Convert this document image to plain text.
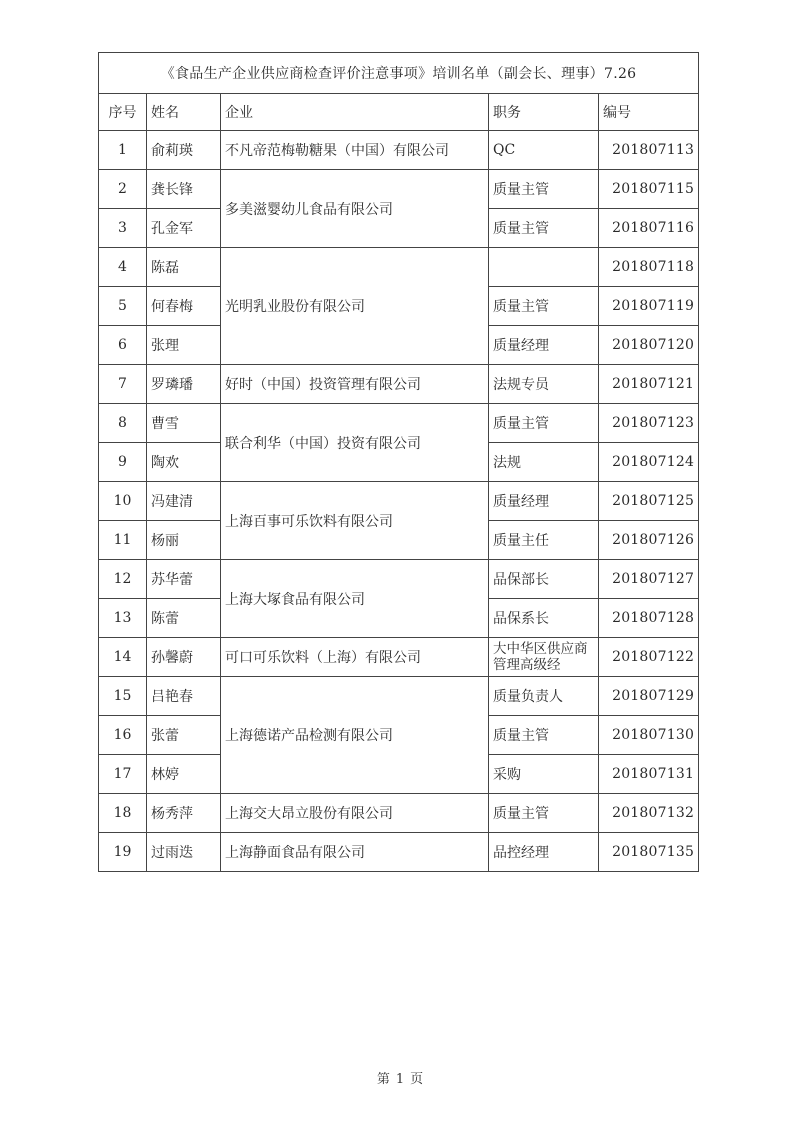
《食品生产企业供应商检查评价注意事项》培训名单（副会长、理事）7.26				
序号	姓名	企业	职务	编号
1	俞莉瑛	不凡帝范梅勒糖果（中国）有限公司	QC	201807113
2	龚长锋	多美滋婴幼儿食品有限公司	质量主管	201807115
3	孔金军		质量主管	201807116
4	陈磊	光明乳业股份有限公司		201807118
5	何春梅		质量主管	201807119
6	张理		质量经理	201807120
7	罗璘璠	好时（中国）投资管理有限公司	法规专员	201807121
8	曹雪	联合利华（中国）投资有限公司	质量主管	201807123
9	陶欢		法规	201807124
10	冯建清	上海百事可乐饮料有限公司	质量经理	201807125
11	杨丽		质量主任	201807126
12	苏华蕾	上海大塚食品有限公司	品保部长	201807127
13	陈蕾		品保系长	201807128
14	孙馨蔚	可口可乐饮料（上海）有限公司	大中华区供应商管理高级经	201807122
15	吕艳春	上海德诺产品检测有限公司	质量负责人	201807129
16	张蕾		质量主管	201807130
17	林婷		采购	201807131
18	杨秀萍	上海交大昂立股份有限公司	质量主管	201807132
19	过雨迭	上海静面食品有限公司	品控经理	201807135
第 1 页
